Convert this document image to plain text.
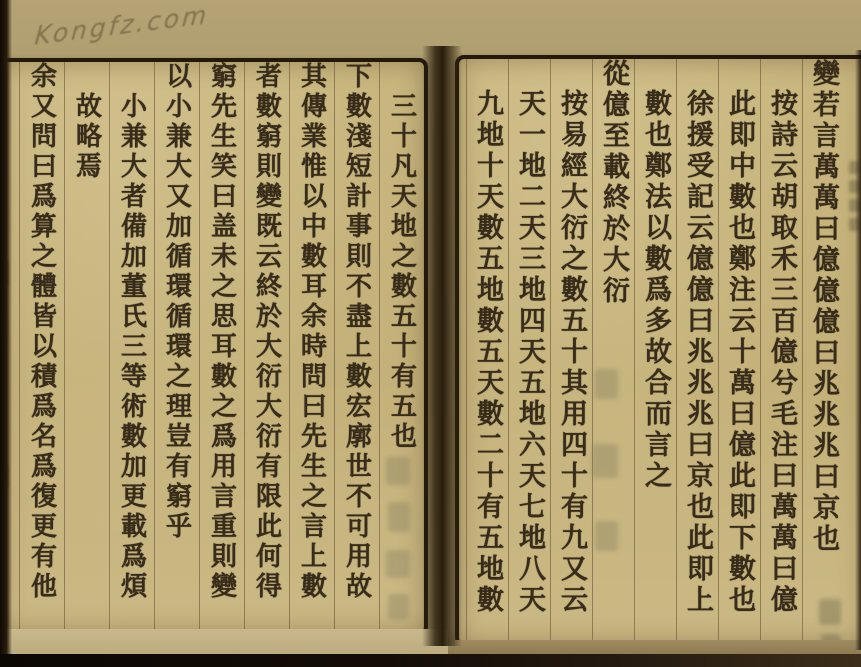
Kongfz.com
變若言萬萬曰億億億曰兆兆兆曰京也
按詩云胡取禾三百億兮毛注曰萬萬曰億
此即中數也鄭注云十萬曰億此即下數也
徐援受記云億億曰兆兆兆曰京也此即上
數也鄭法以數爲多故合而言之
從億至載終於大衍
按易經大衍之數五十其用四十有九又云
天一地二天三地四天五地六天七地八天
九地十天數五地數五天數二十有五地數
三十凡天地之數五十有五也
下數淺短計事則不盡上數宏廓世不可用故
其傳業惟以中數耳余時問曰先生之言上數
者數窮則變既云終於大衍大衍有限此何得
窮先生笑曰盖未之思耳數之爲用言重則變
以小兼大又加循環循環之理豈有窮乎
小兼大者備加董氏三等術數加更載爲煩
故略焉
余又問曰爲算之體皆以積爲名爲復更有他
